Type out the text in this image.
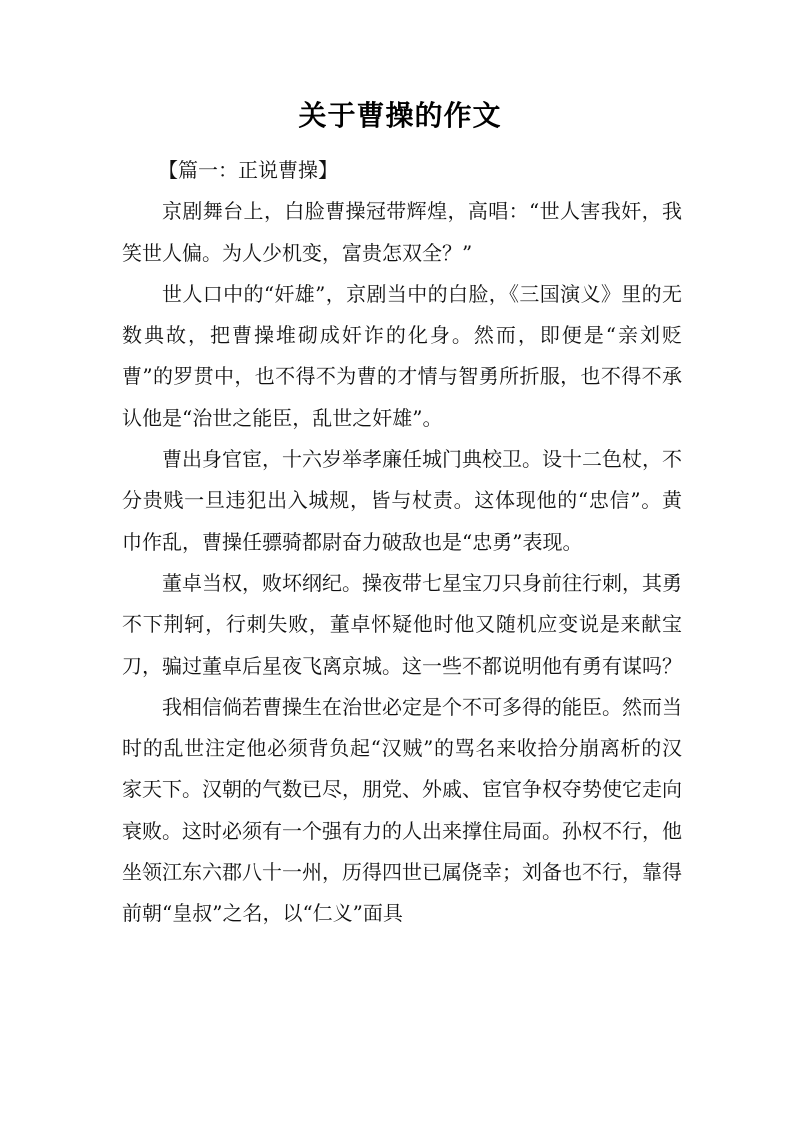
关于曹操的作文

【篇一：正说曹操】

京剧舞台上，白脸曹操冠带辉煌，高唱：“世人害我奸，我笑世人偏。为人少机变，富贵怎双全？”

世人口中的“奸雄”，京剧当中的白脸，《三国演义》里的无数典故，把曹操堆砌成奸诈的化身。然而，即便是“亲刘贬曹”的罗贯中，也不得不为曹的才情与智勇所折服，也不得不承认他是“治世之能臣，乱世之奸雄”。

曹出身官宦，十六岁举孝廉任城门典校卫。设十二色杖，不分贵贱一旦违犯出入城规，皆与杖责。这体现他的“忠信”。黄巾作乱，曹操任骠骑都尉奋力破敌也是“忠勇”表现。

董卓当权，败坏纲纪。操夜带七星宝刀只身前往行刺，其勇不下荆轲，行刺失败，董卓怀疑他时他又随机应变说是来献宝刀，骗过董卓后星夜飞离京城。这一些不都说明他有勇有谋吗？

我相信倘若曹操生在治世必定是个不可多得的能臣。然而当时的乱世注定他必须背负起“汉贼”的骂名来收拾分崩离析的汉家天下。汉朝的气数已尽，朋党、外戚、宦官争权夺势使它走向衰败。这时必须有一个强有力的人出来撑住局面。孙权不行，他坐领江东六郡八十一州，历得四世已属侥幸；刘备也不行，靠得前朝“皇叔”之名，以“仁义”面具
